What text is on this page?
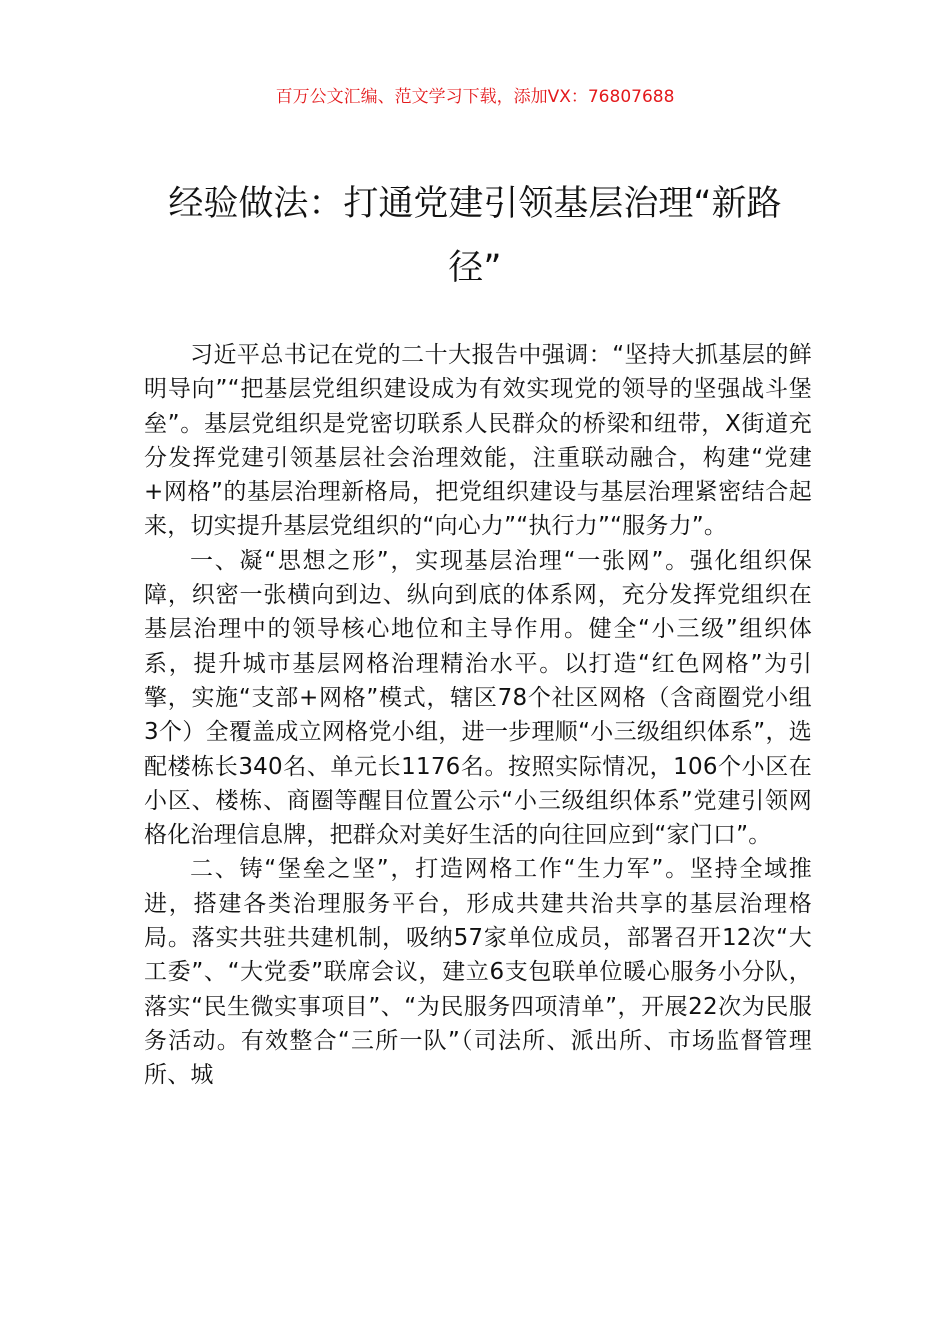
百万公文汇编、范文学习下载，添加VX：76807688
经验做法：打通党建引领基层治理“新路
径”

习近平总书记在党的二十大报告中强调：“坚持大抓基层的鲜明导向”“把基层党组织建设成为有效实现党的领导的坚强战斗堡垒”。基层党组织是党密切联系人民群众的桥梁和纽带，X街道充分发挥党建引领基层社会治理效能，注重联动融合，构建“党建+网格”的基层治理新格局，把党组织建设与基层治理紧密结合起来，切实提升基层党组织的“向心力”“执行力”“服务力”。

一、凝“思想之形”，实现基层治理“一张网”。强化组织保障，织密一张横向到边、纵向到底的体系网，充分发挥党组织在基层治理中的领导核心地位和主导作用。健全“小三级”组织体系，提升城市基层网格治理精治水平。以打造“红色网格”为引擎，实施“支部+网格”模式，辖区78个社区网格（含商圈党小组3个）全覆盖成立网格党小组，进一步理顺“小三级组织体系”，选配楼栋长340名、单元长1176名。按照实际情况，106个小区在小区、楼栋、商圈等醒目位置公示“小三级组织体系”党建引领网格化治理信息牌，把群众对美好生活的向往回应到“家门口”。

二、铸“堡垒之坚”，打造网格工作“生力军”。坚持全域推进，搭建各类治理服务平台，形成共建共治共享的基层治理格局。落实共驻共建机制，吸纳57家单位成员，部署召开12次“大工委”、“大党委”联席会议，建立6支包联单位暖心服务小分队，落实“民生微实事项目”、“为民服务四项清单”，开展22次为民服务活动。有效整合“三所一队”（司法所、派出所、市场监督管理所、城
